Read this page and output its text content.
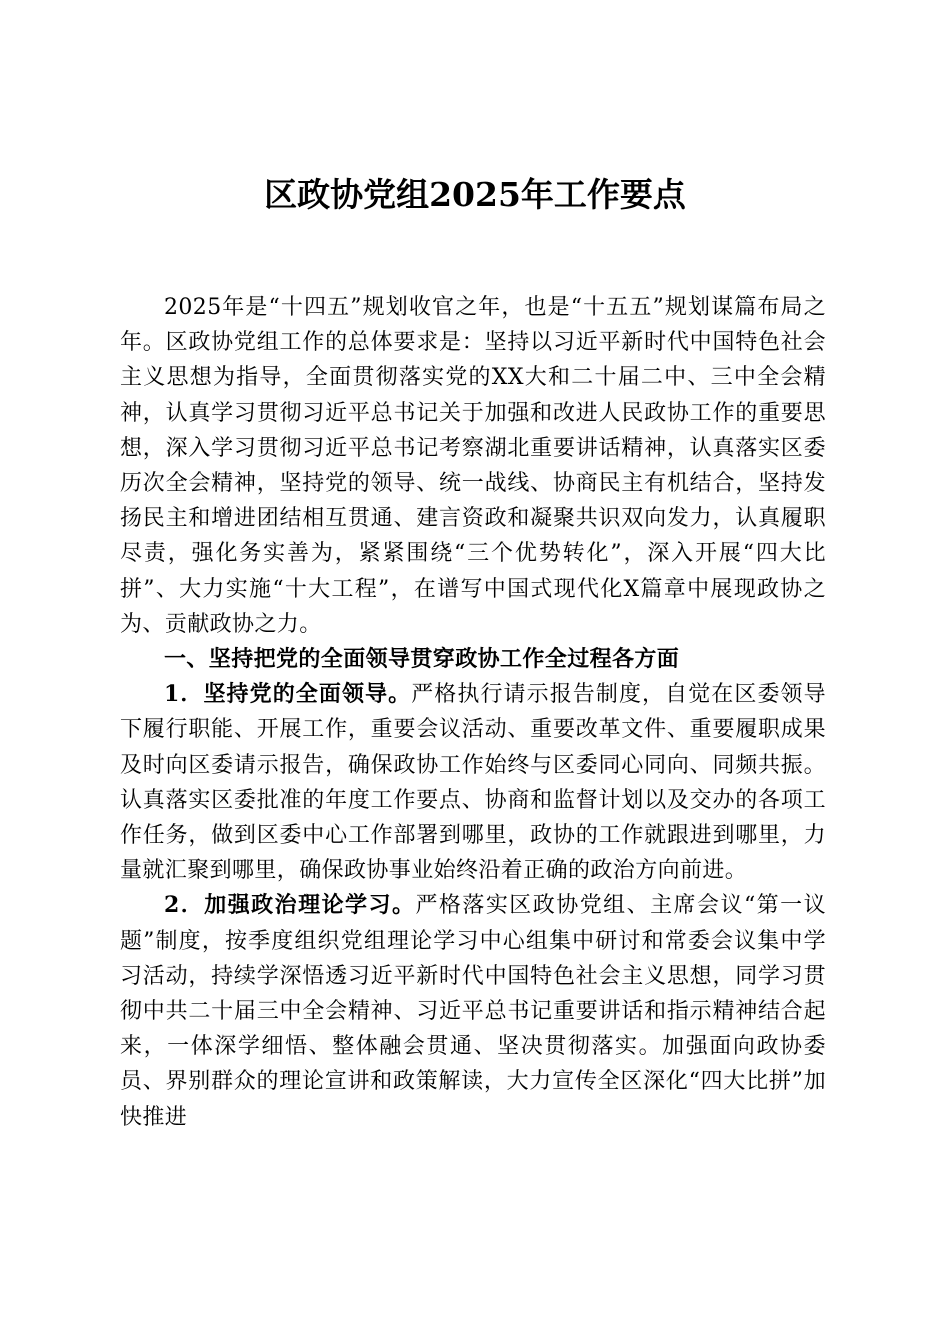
区政协党组2025年工作要点

2025年是“十四五”规划收官之年，也是“十五五”规划谋篇布局之年。区政协党组工作的总体要求是：坚持以习近平新时代中国特色社会主义思想为指导，全面贯彻落实党的XX大和二十届二中、三中全会精神，认真学习贯彻习近平总书记关于加强和改进人民政协工作的重要思想，深入学习贯彻习近平总书记考察湖北重要讲话精神，认真落实区委历次全会精神，坚持党的领导、统一战线、协商民主有机结合，坚持发扬民主和增进团结相互贯通、建言资政和凝聚共识双向发力，认真履职尽责，强化务实善为，紧紧围绕“三个优势转化”，深入开展“四大比拼”、大力实施“十大工程”，在谱写中国式现代化X篇章中展现政协之为、贡献政协之力。

一、坚持把党的全面领导贯穿政协工作全过程各方面

1．坚持党的全面领导。严格执行请示报告制度，自觉在区委领导下履行职能、开展工作，重要会议活动、重要改革文件、重要履职成果及时向区委请示报告，确保政协工作始终与区委同心同向、同频共振。认真落实区委批准的年度工作要点、协商和监督计划以及交办的各项工作任务，做到区委中心工作部署到哪里，政协的工作就跟进到哪里，力量就汇聚到哪里，确保政协事业始终沿着正确的政治方向前进。

2．加强政治理论学习。严格落实区政协党组、主席会议“第一议题”制度，按季度组织党组理论学习中心组集中研讨和常委会议集中学习活动，持续学深悟透习近平新时代中国特色社会主义思想，同学习贯彻中共二十届三中全会精神、习近平总书记重要讲话和指示精神结合起来，一体深学细悟、整体融会贯通、坚决贯彻落实。加强面向政协委员、界别群众的理论宣讲和政策解读，大力宣传全区深化“四大比拼”加快推进
